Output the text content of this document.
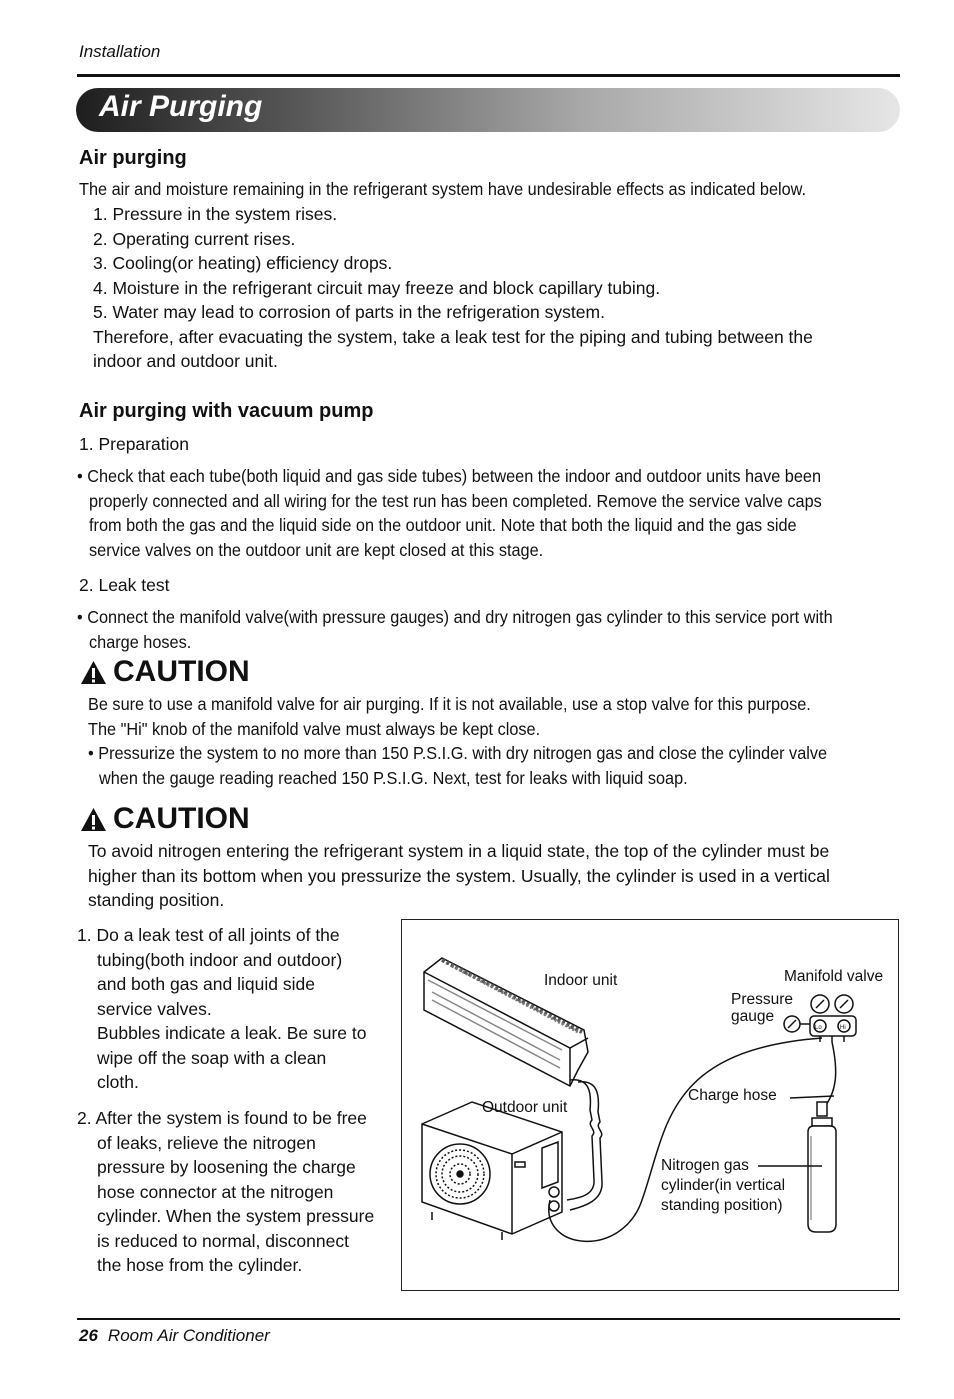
Installation
Air Purging
Air purging
The air and moisture remaining in the refrigerant system have undesirable effects as indicated below.
1. Pressure in the system rises.
2. Operating current rises.
3. Cooling(or heating) efficiency drops.
4. Moisture in the refrigerant circuit may freeze and block capillary tubing.
5. Water may lead to corrosion of parts in the refrigeration system.
Therefore, after evacuating the system, take a leak test for the piping and tubing between the
indoor and outdoor unit.
Air purging with vacuum pump
1. Preparation
• Check that each tube(both liquid and gas side tubes) between the indoor and outdoor units have been
properly connected and all wiring for the test run has been completed. Remove the service valve caps
from both the gas and the liquid side on the outdoor unit. Note that both the liquid and the gas side
service valves on the outdoor unit are kept closed at this stage.
2. Leak test
• Connect the manifold valve(with pressure gauges) and dry nitrogen gas cylinder to this service port with
charge hoses.
CAUTION
Be sure to use a manifold valve for air purging. If it is not available, use a stop valve for this purpose.
The "Hi" knob of the manifold valve must always be kept close.
• Pressurize the system to no more than 150 P.S.I.G. with dry nitrogen gas and close the cylinder valve
when the gauge reading reached 150 P.S.I.G. Next, test for leaks with liquid soap.
CAUTION
To avoid nitrogen entering the refrigerant system in a liquid state, the top of the cylinder must be
higher than its bottom when you pressurize the system. Usually, the cylinder is used in a vertical
standing position.
1. Do a leak test of all joints of the
tubing(both indoor and outdoor)
and both gas and liquid side
service valves.
Bubbles indicate a leak. Be sure to
wipe off the soap with a clean
cloth.
2. After the system is found to be free
of leaks, relieve the nitrogen
pressure by loosening the charge
hose connector at the nitrogen
cylinder. When the system pressure
is reduced to normal, disconnect
the hose from the cylinder.
Lo	Hi
Indoor unit	Manifold valve
Pressure
gauge
Charge hose
Outdoor unit
Nitrogen gas
cylinder(in vertical
standing position)
26 Room Air Conditioner
